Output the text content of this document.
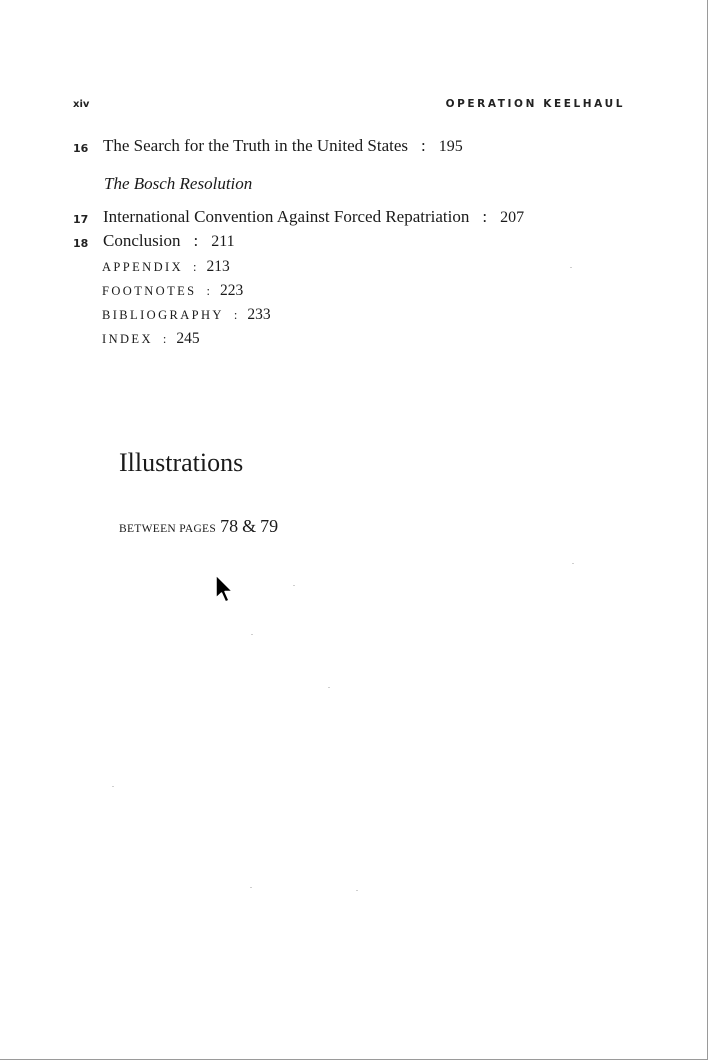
xiv	OPERATION KEELHAUL
16 The Search for the Truth in the United States : 195
The Bosch Resolution
17 International Convention Against Forced Repatriation : 207
18 Conclusion : 211
APPENDIX : 213
FOOTNOTES : 223
BIBLIOGRAPHY : 233
INDEX : 245
Illustrations
BETWEEN PAGES 78 & 79
